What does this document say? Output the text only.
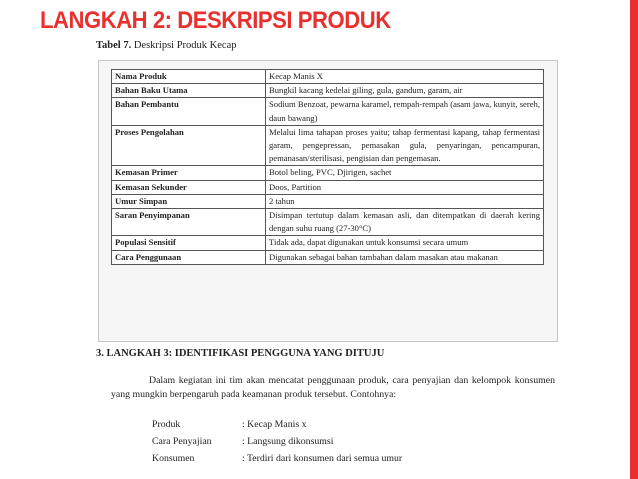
LANGKAH 2: DESKRIPSI PRODUK
Tabel 7. Deskripsi Produk Kecap
Nama Produk	Kecap Manis X
Bahan Baku Utama	Bungkil kacang kedelai giling, gula, gandum, garam, air
Bahan Pembantu	Sodium Benzoat, pewarna karamel, rempah-rempah (asam jawa, kunyit, sereh, daun bawang)
Proses Pengolahan	Melalui lima tahapan proses yaitu; tahap fermentasi kapang, tahap fermentasi garam, pengepressan, pemasakan gula, penyaringan, pencampuran, pemanasan/sterilisasi, pengisian dan pengemasan.
Kemasan Primer	Botol beling, PVC, Djirigen, sachet
Kemasan Sekunder	Doos, Partition
Umur Simpan	2 tahun
Saran Penyimpanan	Disimpan tertutup dalam kemasan asli, dan ditempatkan di daerah kering dengan suhu ruang (27-30°C)
Populasi Sensitif	Tidak ada, dapat digunakan untuk konsumsi secara umum
Cara Penggunaan	Digunakan sebagai bahan tambahan dalam masakan atau makanan
3. LANGKAH 3: IDENTIFIKASI PENGGUNA YANG DITUJU
Dalam kegiatan ini tim akan mencatat penggunaan produk, cara penyajian dan kelompok konsumen yang mungkin berpengaruh pada keamanan produk tersebut. Contohnya:
Produk	: Kecap Manis x
Cara Penyajian	: Langsung dikonsumsi
Konsumen	: Terdiri dari konsumen dari semua umur
